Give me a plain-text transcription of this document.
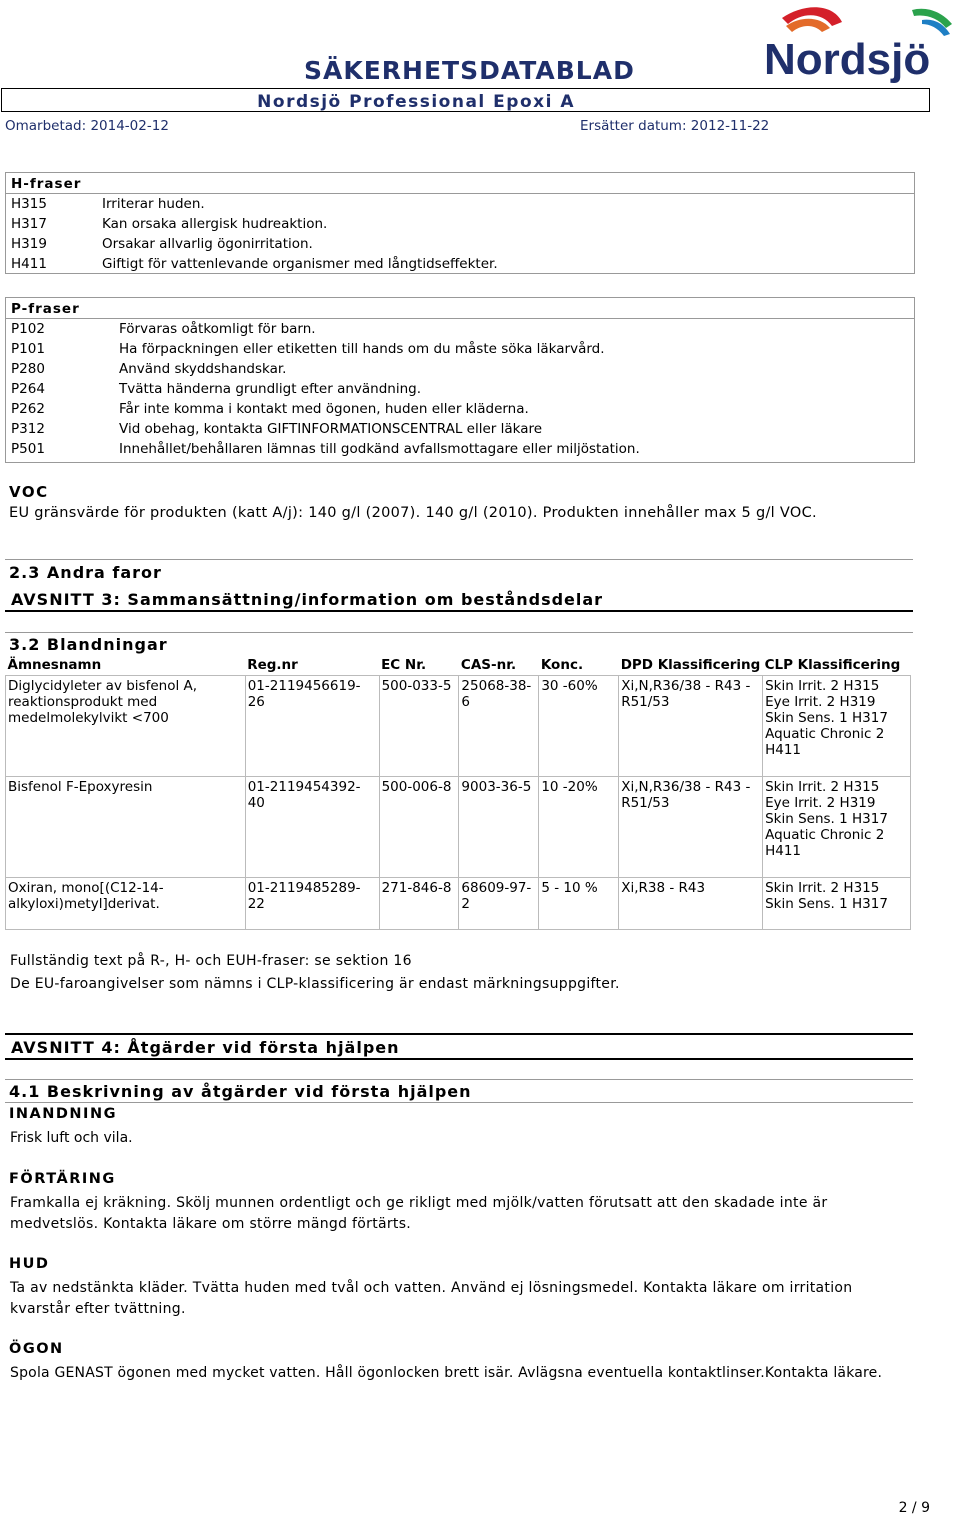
SÄKERHETSDATABLAD
Nordsjö Professional Epoxi A
Omarbetad: 2014-02-12	Ersätter datum: 2012-11-22
Nordsjö
H-fraser
H315	Irriterar huden.
H317	Kan orsaka allergisk hudreaktion.
H319	Orsakar allvarlig ögonirritation.
H411	Giftigt för vattenlevande organismer med långtidseffekter.
P-fraser
P102	Förvaras oåtkomligt för barn.
P101	Ha förpackningen eller etiketten till hands om du måste söka läkarvård.
P280	Använd skyddshandskar.
P264	Tvätta händerna grundligt efter användning.
P262	Får inte komma i kontakt med ögonen, huden eller kläderna.
P312	Vid obehag, kontakta GIFTINFORMATIONSCENTRAL eller läkare
P501	Innehållet/behållaren lämnas till godkänd avfallsmottagare eller miljöstation.
VOC
EU gränsvärde för produkten (katt A/j): 140 g/l (2007). 140 g/l (2010). Produkten innehåller max 5 g/l VOC.
2.3 Andra faror
AVSNITT 3: Sammansättning/information om beståndsdelar
3.2 Blandningar
Ämnesnamn	Reg.nr	EC Nr.	CAS-nr.	Konc.	DPD Klassificering	CLP Klassificering
Diglycidyleter av bisfenol A, reaktionsprodukt med medelmolekylvikt <700	01-2119456619-26	500-033-5	25068-38-6	30 -60%	Xi,N,R36/38 - R43 - R51/53	Skin Irrit. 2 H315
Eye Irrit. 2 H319
Skin Sens. 1 H317
Aquatic Chronic 2 H411

Bisfenol F-Epoxyresin	01-2119454392-40	500-006-8	9003-36-5	10 -20%	Xi,N,R36/38 - R43 - R51/53	Skin Irrit. 2 H315
Eye Irrit. 2 H319
Skin Sens. 1 H317
Aquatic Chronic 2 H411

Oxiran, mono[(C12-14-alkyloxi)metyl]derivat.	01-2119485289-22	271-846-8	68609-97-2	5 - 10 %	Xi,R38 - R43	Skin Irrit. 2 H315
Skin Sens. 1 H317
Fullständig text på R-, H- och EUH-fraser: se sektion 16
De EU-faroangivelser som nämns i CLP-klassificering är endast märkningsuppgifter.
AVSNITT 4: Åtgärder vid första hjälpen
4.1 Beskrivning av åtgärder vid första hjälpen
INANDNING
Frisk luft och vila.
FÖRTÄRING
Framkalla ej kräkning. Skölj munnen ordentligt och ge rikligt med mjölk/vatten förutsatt att den skadade inte är medvetslös. Kontakta läkare om större mängd förtärts.
HUD
Ta av nedstänkta kläder. Tvätta huden med tvål och vatten. Använd ej lösningsmedel. Kontakta läkare om irritation kvarstår efter tvättning.
ÖGON
Spola GENAST ögonen med mycket vatten. Håll ögonlocken brett isär. Avlägsna eventuella kontaktlinser.Kontakta läkare.
2 / 9
